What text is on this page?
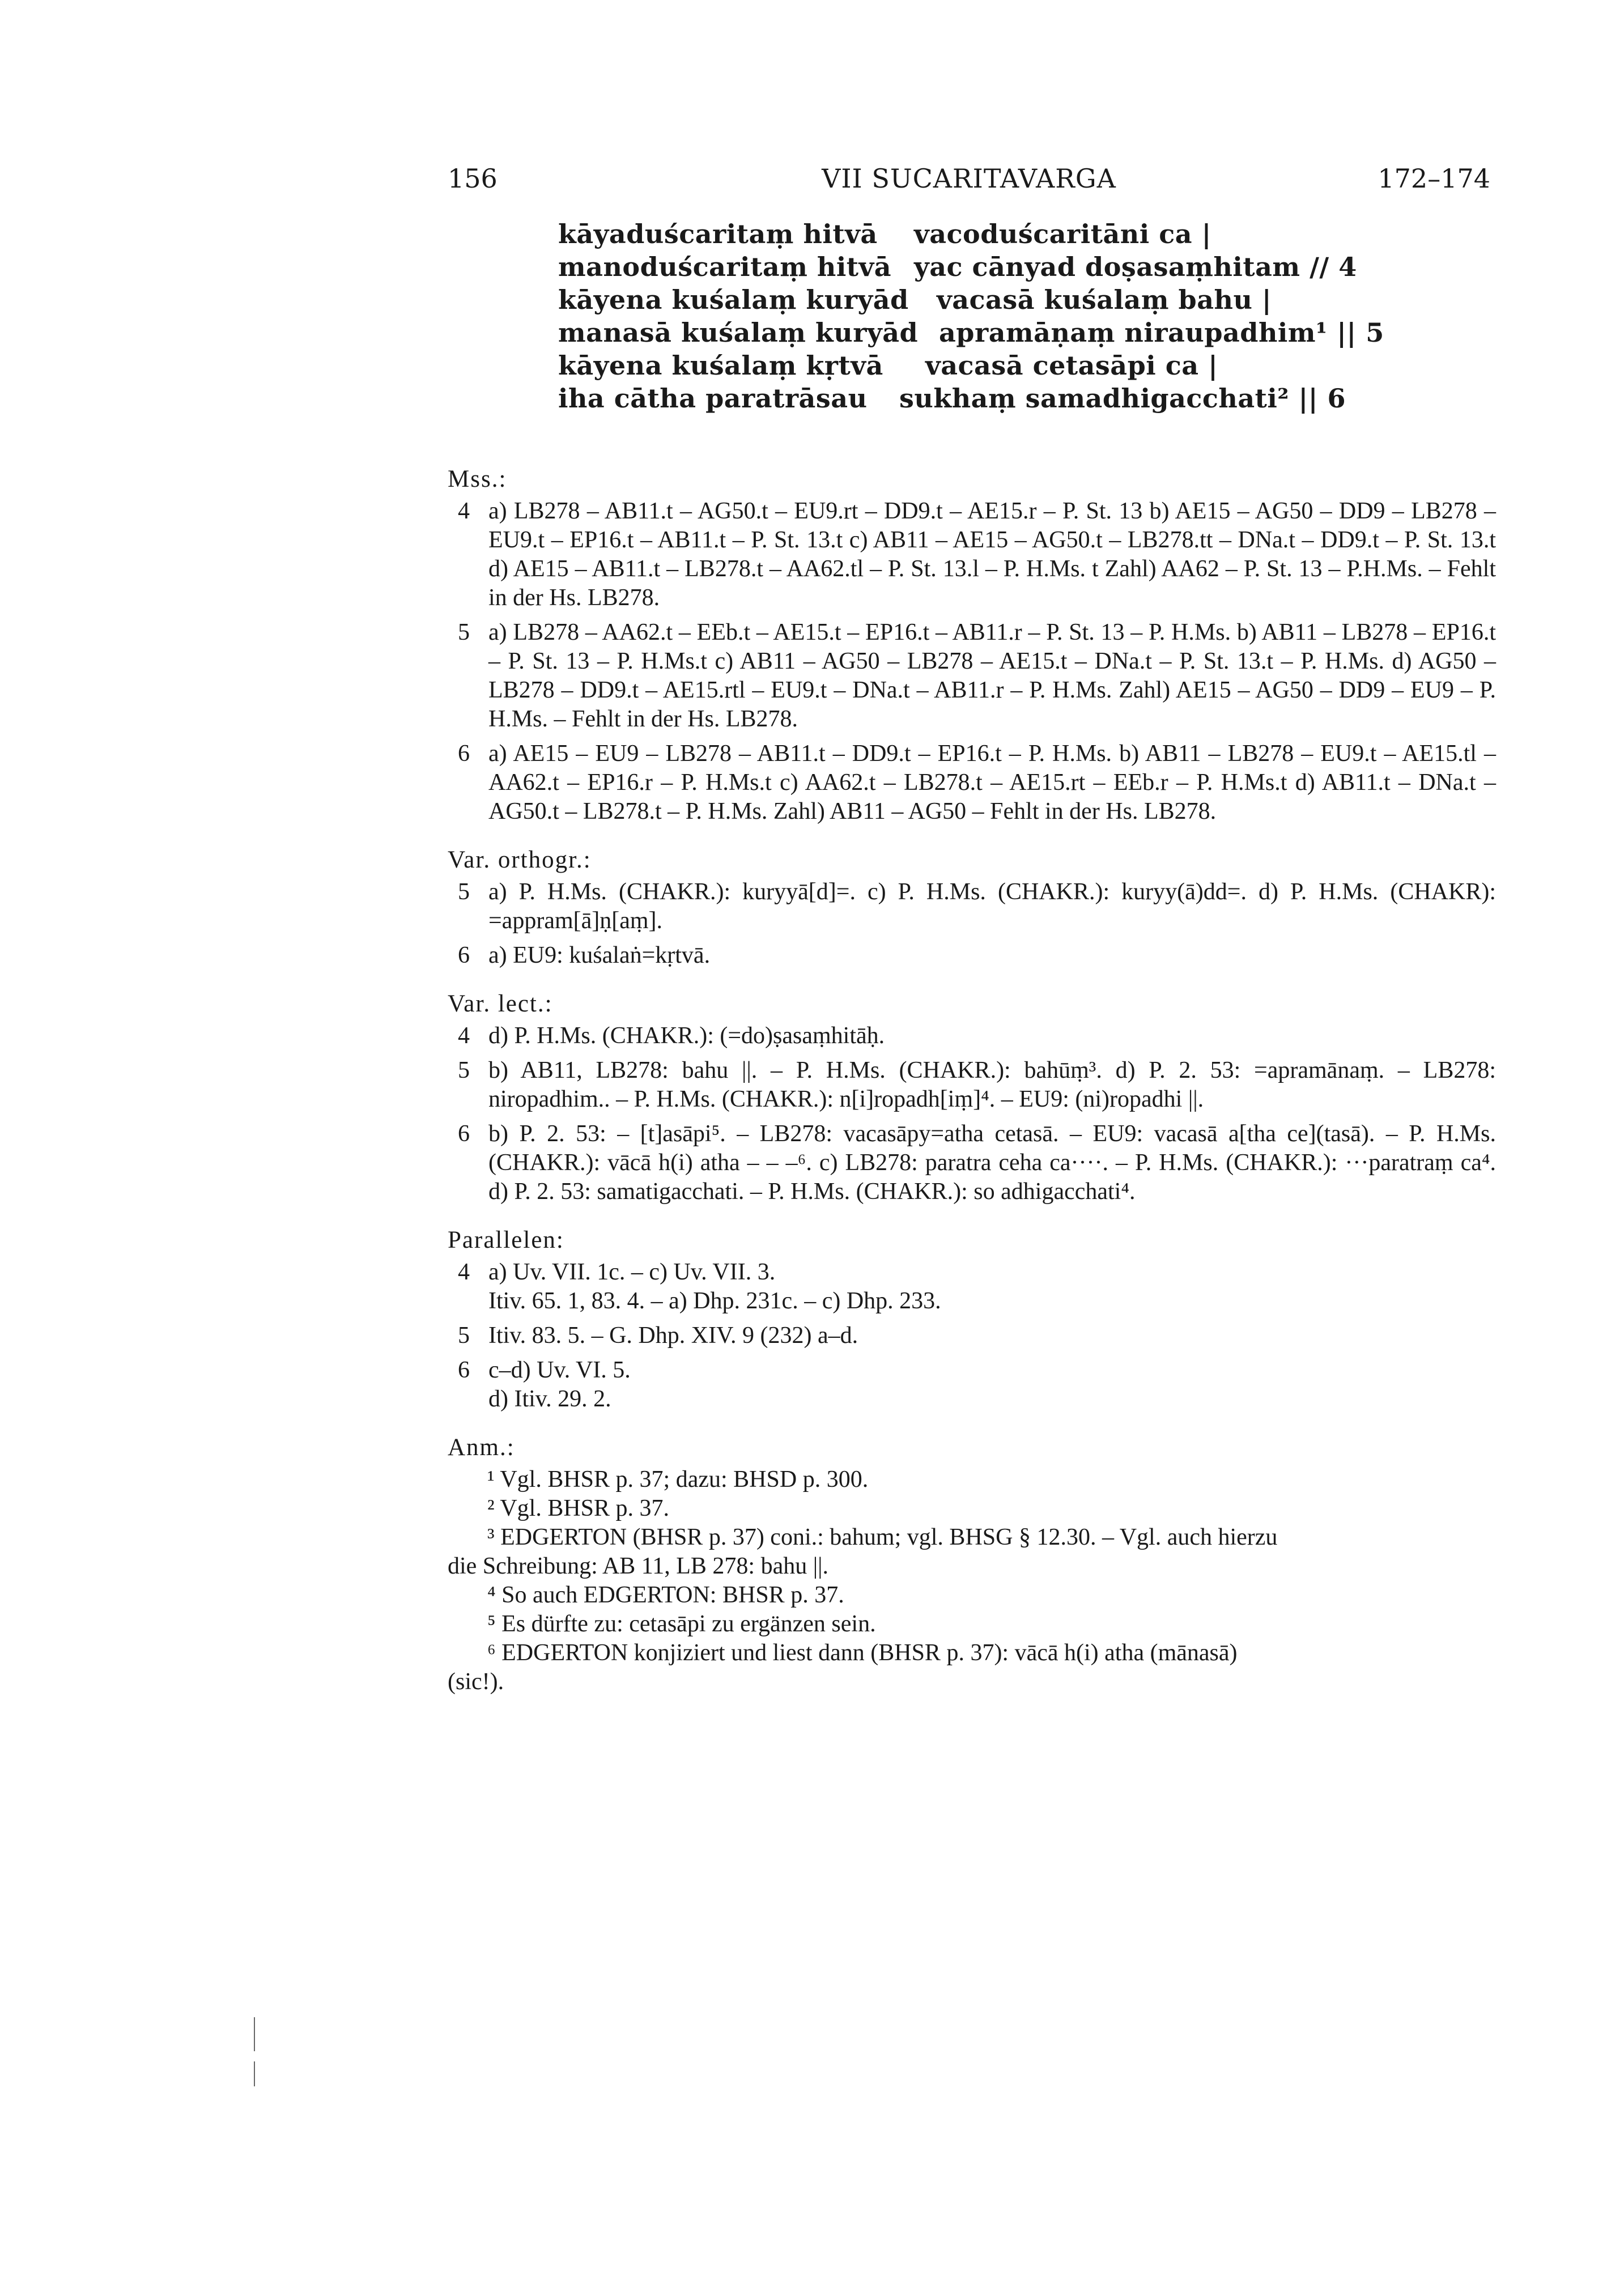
156	VII SUCARITAVARGA	172–174
kāyaduścaritaṃ hitvā vacoduścaritāni ca |
manoduścaritaṃ hitvā yac cānyad doṣasaṃhitam // 4
kāyena kuśalaṃ kuryād vacasā kuśalaṃ bahu |
manasā kuśalaṃ kuryād apramāṇaṃ niraupadhim¹ || 5
kāyena kuśalaṃ kṛtvā vacasā cetasāpi ca |
iha cātha paratrāsau sukhaṃ samadhigacchati² || 6
Mss.:
4 a) LB278 – AB11.t – AG50.t – EU9.rt – DD9.t – AE15.r – P. St. 13 b) AE15 – AG50 – DD9 – LB278 – EU9.t – EP16.t – AB11.t – P. St. 13.t c) AB11 – AE15 – AG50.t – LB278.tt – DNa.t – DD9.t – P. St. 13.t d) AE15 – AB11.t – LB278.t – AA62.tl – P. St. 13.l – P. H.Ms. t Zahl) AA62 – P. St. 13 – P.H.Ms. – Fehlt in der Hs. LB278.

5 a) LB278 – AA62.t – EEb.t – AE15.t – EP16.t – AB11.r – P. St. 13 – P. H.Ms. b) AB11 – LB278 – EP16.t – P. St. 13 – P. H.Ms.t c) AB11 – AG50 – LB278 – AE15.t – DNa.t – P. St. 13.t – P. H.Ms. d) AG50 – LB278 – DD9.t – AE15.rtl – EU9.t – DNa.t – AB11.r – P. H.Ms. Zahl) AE15 – AG50 – DD9 – EU9 – P. H.Ms. – Fehlt in der Hs. LB278.

6 a) AE15 – EU9 – LB278 – AB11.t – DD9.t – EP16.t – P. H.Ms. b) AB11 – LB278 – EU9.t – AE15.tl – AA62.t – EP16.r – P. H.Ms.t c) AA62.t – LB278.t – AE15.rt – EEb.r – P. H.Ms.t d) AB11.t – DNa.t – AG50.t – LB278.t – P. H.Ms. Zahl) AB11 – AG50 – Fehlt in der Hs. LB278.

Var. orthogr.:
5 a) P. H.Ms. (CHAKR.): kuryyā[d]=. c) P. H.Ms. (CHAKR.): kuryy(ā)dd=. d) P. H.Ms. (CHAKR): =appram[ā]ṇ[aṃ].

6 a) EU9: kuśalaṅ=kṛtvā.

Var. lect.:
4 d) P. H.Ms. (CHAKR.): (=do)ṣasaṃhitāḥ.

5 b) AB11, LB278: bahu ||. – P. H.Ms. (CHAKR.): bahūṃ³. d) P. 2. 53: =apramānaṃ. – LB278: niropadhim.. – P. H.Ms. (CHAKR.): n[i]ropadh[iṃ]⁴. – EU9: (ni)ropadhi ||.

6 b) P. 2. 53: – [t]asāpi⁵. – LB278: vacasāpy=atha cetasā. – EU9: vacasā a[tha ce](tasā). – P. H.Ms. (CHAKR.): vācā h(i) atha – – –⁶. c) LB278: paratra ceha ca····. – P. H.Ms. (CHAKR.): ···paratraṃ ca⁴. d) P. 2. 53: samatigacchati. – P. H.Ms. (CHAKR.): so adhigacchati⁴.

Parallelen:
4 a) Uv. VII. 1c. – c) Uv. VII. 3.

Itiv. 65. 1, 83. 4. – a) Dhp. 231c. – c) Dhp. 233.

5 Itiv. 83. 5. – G. Dhp. XIV. 9 (232) a–d.

6 c–d) Uv. VI. 5.

d) Itiv. 29. 2.

Anm.:

¹ Vgl. BHSR p. 37; dazu: BHSD p. 300.

² Vgl. BHSR p. 37.

³ EDGERTON (BHSR p. 37) coni.: bahum; vgl. BHSG § 12.30. – Vgl. auch hierzu

die Schreibung: AB 11, LB 278: bahu ||.

⁴ So auch EDGERTON: BHSR p. 37.

⁵ Es dürfte zu: cetasāpi zu ergänzen sein.

⁶ EDGERTON konjiziert und liest dann (BHSR p. 37): vācā h(i) atha (mānasā)

(sic!).
